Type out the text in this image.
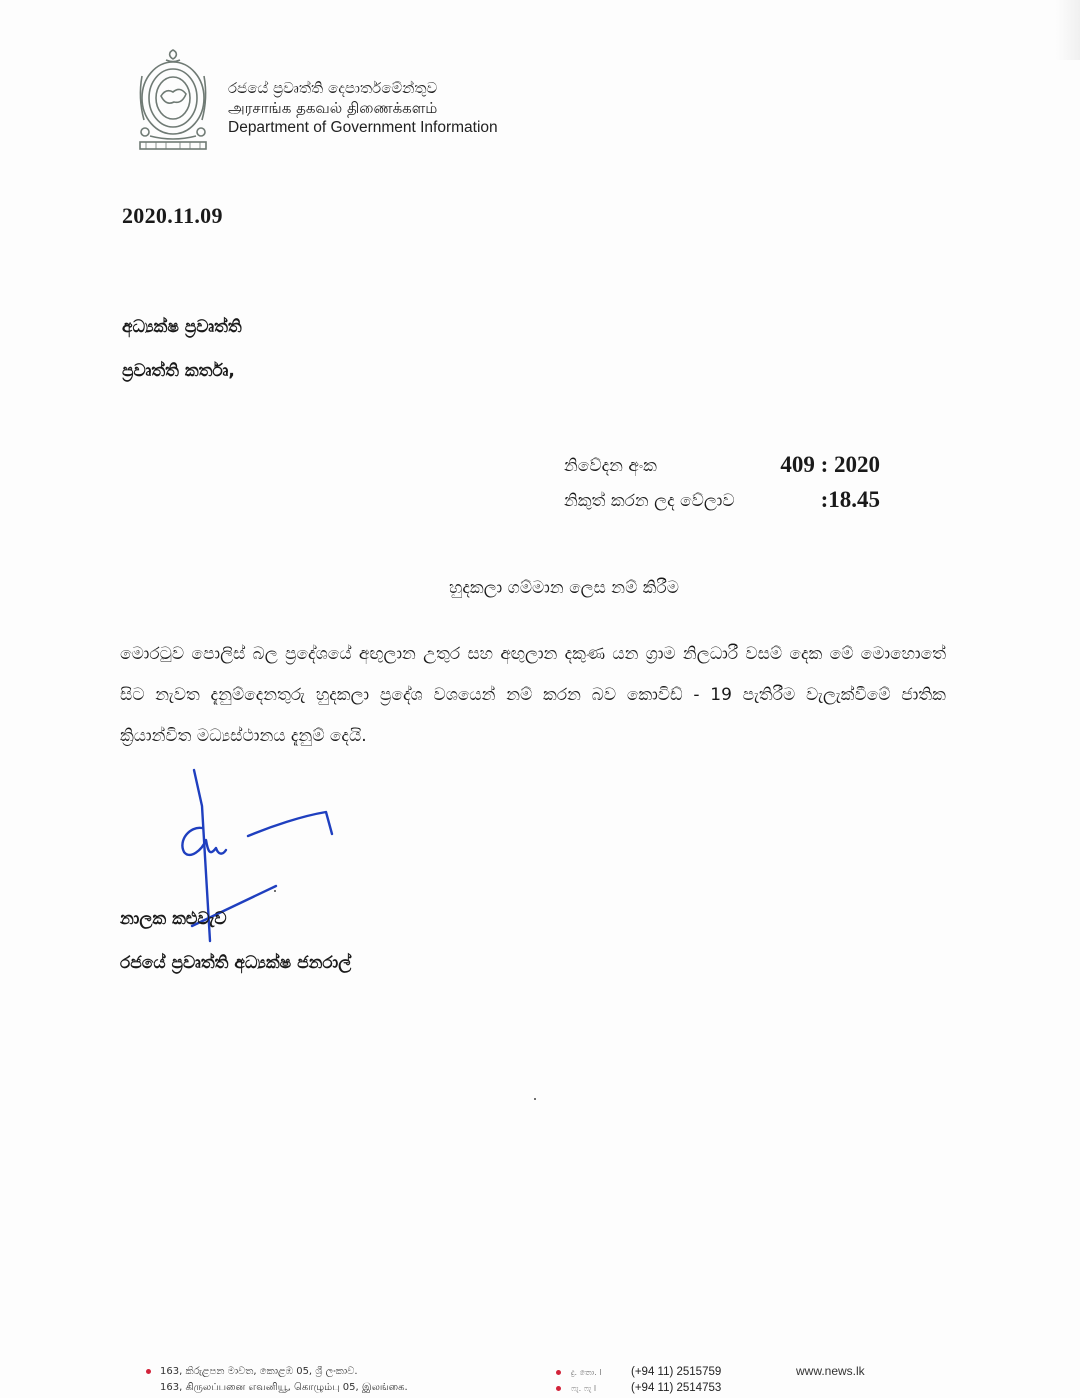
රජයේ ප්‍රවෘත්ති දෙපාර්තමේන්තුව
அரசாங்க தகவல் திணைக்களம்
Department of Government Information
2020.11.09
අධ්‍යක්ෂ ප්‍රවෘත්ති
ප්‍රවෘත්ති කර්තෘ,
නිවේදන අංක	409 : 2020
නිකුත් කරන ලද වේලාව	:18.45
හුදකලා ගම්මාන ලෙස නම් කිරීම
මොරටුව පොලිස් බල ප්‍රදේශයේ අඟුලාන උතුර සහ අඟුලාන දකුණ යන ග්‍රාම නිලධාරී වසම් දෙක මේ මොහොතේ සිට නැවත දැනුම්දෙනතුරු හුදකලා ප්‍රදේශ වශයෙන් නම් කරන බව කොවිඩ් - 19 පැතිරීම වැලැක්වීමේ ජාතික ක්‍රියාන්විත මධ්‍යස්ථානය දැනුම් දෙයි.
නාලක කළුවැව
රජයේ ප්‍රවෘත්ති අධ්‍යක්ෂ ජනරාල්
163, කිරුළපන මාවත, කොළඹ 05, ශ්‍රී ලංකාව.
163, கிருலப்பனை எவனியூ, கொழும்பு 05, இலங்கை.
දු. තො. l	(+94 11) 2515759
ෆැ. ෆැ l	(+94 11) 2514753
www.news.lk
